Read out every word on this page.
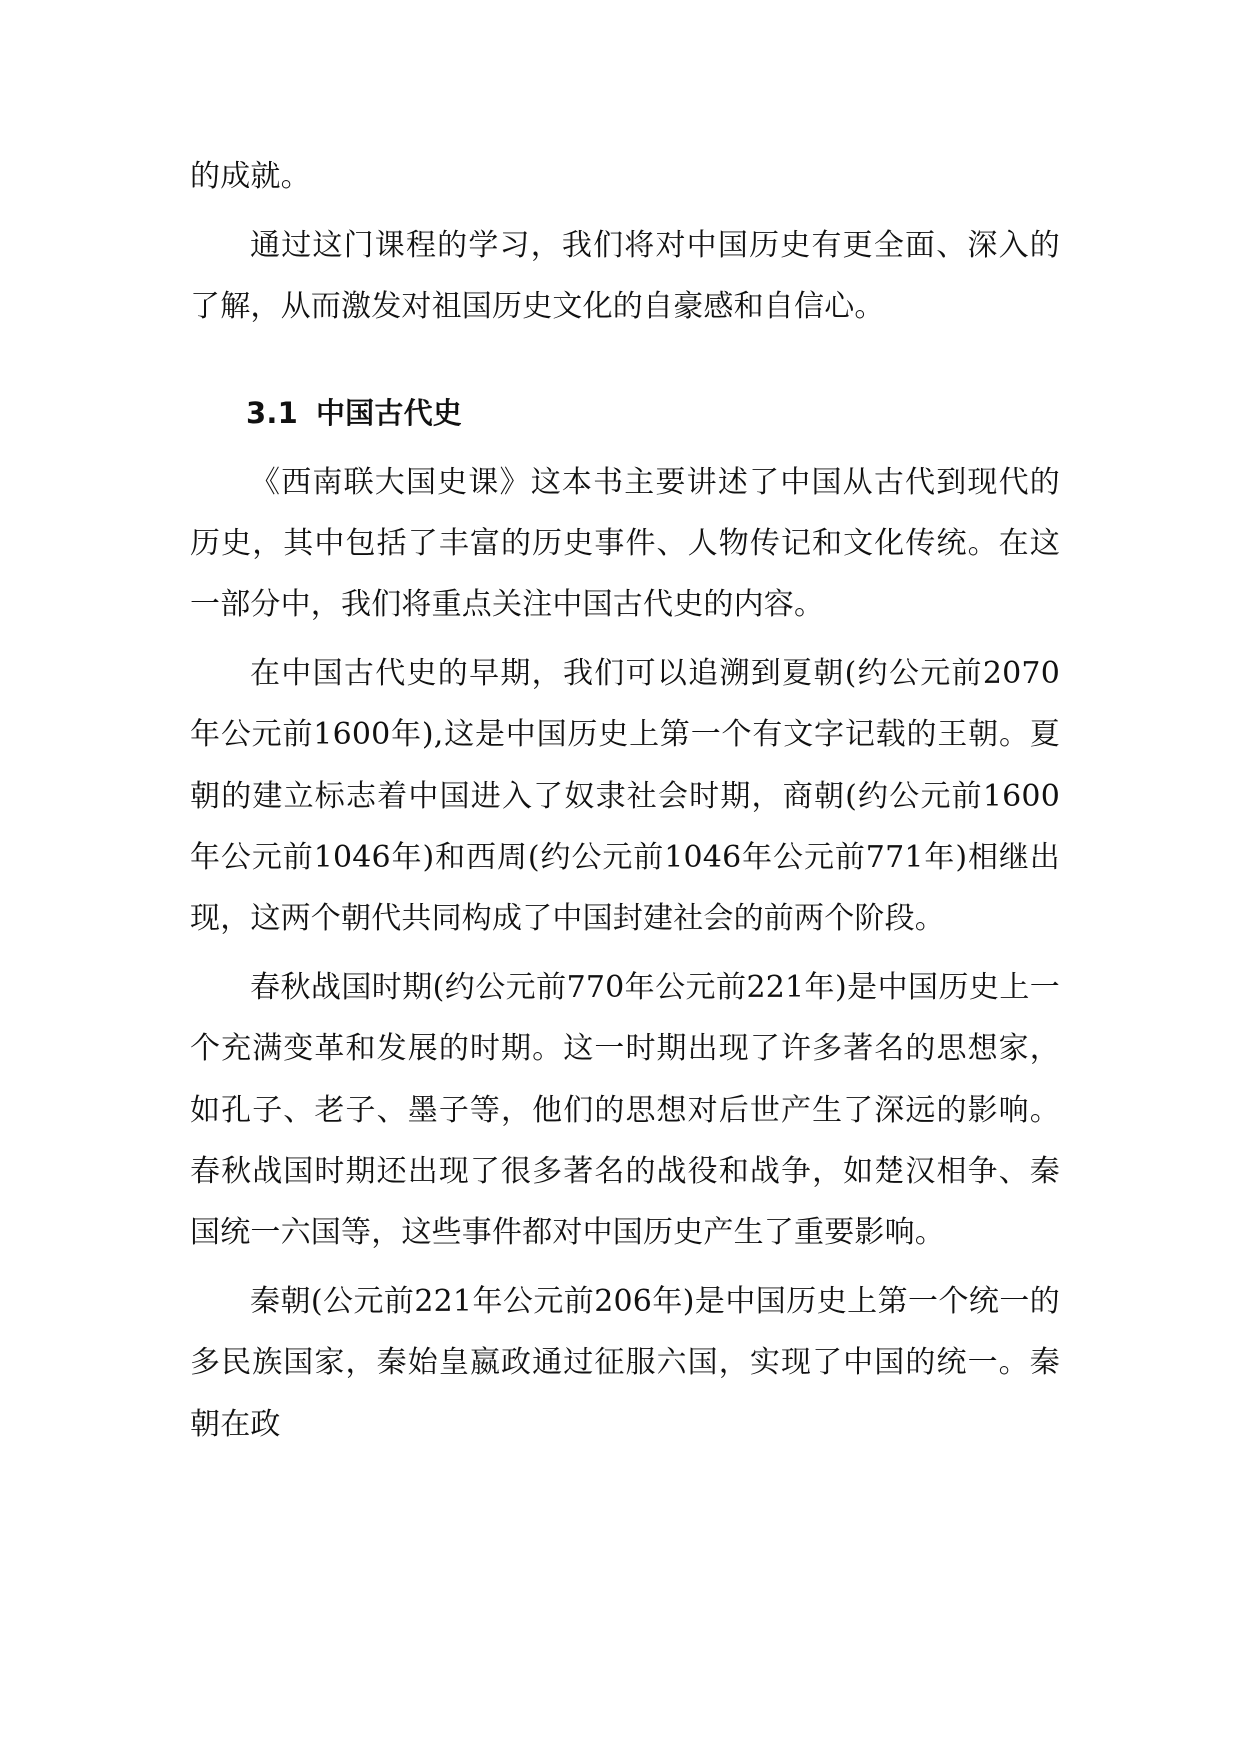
的成就。

通过这门课程的学习，我们将对中国历史有更全面、深入的了解，从而激发对祖国历史文化的自豪感和自信心。

3.1 中国古代史

《西南联大国史课》这本书主要讲述了中国从古代到现代的历史，其中包括了丰富的历史事件、人物传记和文化传统。在这一部分中，我们将重点关注中国古代史的内容。

在中国古代史的早期，我们可以追溯到夏朝(约公元前2070年公元前1600年),这是中国历史上第一个有文字记载的王朝。夏朝的建立标志着中国进入了奴隶社会时期，商朝(约公元前1600年公元前1046年)和西周(约公元前1046年公元前771年)相继出现，这两个朝代共同构成了中国封建社会的前两个阶段。

春秋战国时期(约公元前770年公元前221年)是中国历史上一个充满变革和发展的时期。这一时期出现了许多著名的思想家，如孔子、老子、墨子等，他们的思想对后世产生了深远的影响。春秋战国时期还出现了很多著名的战役和战争，如楚汉相争、秦国统一六国等，这些事件都对中国历史产生了重要影响。

秦朝(公元前221年公元前206年)是中国历史上第一个统一的多民族国家，秦始皇嬴政通过征服六国，实现了中国的统一。秦朝在政
